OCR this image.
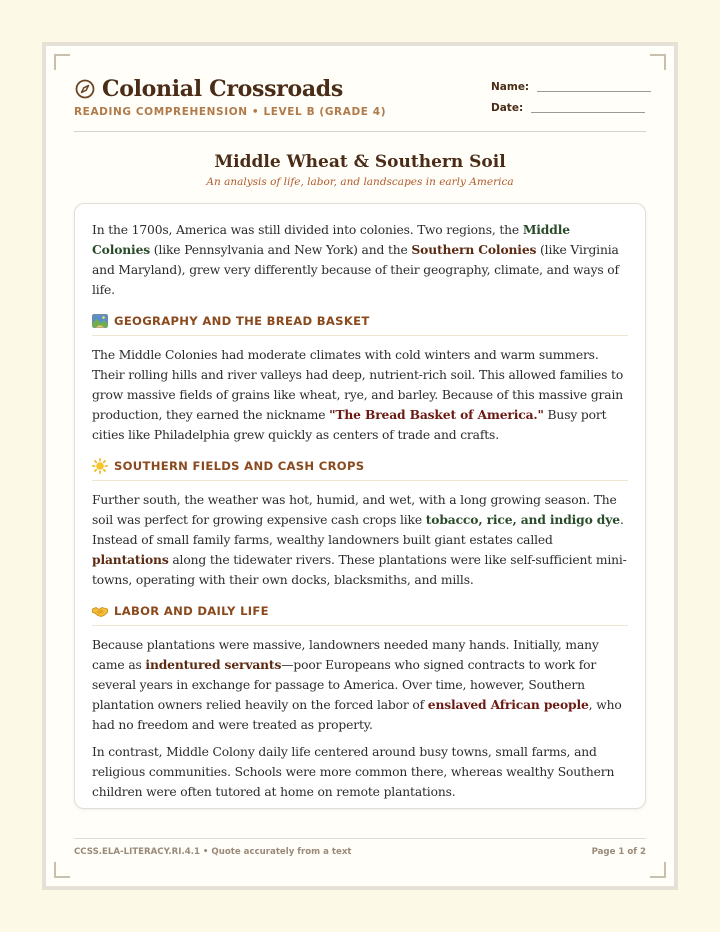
Colonial Crossroads
READING COMPREHENSION • LEVEL B (GRADE 4)
Name:
Date:
Middle Wheat & Southern Soil
An analysis of life, labor, and landscapes in early America

In the 1700s, America was still divided into colonies. Two regions, the Middle Colonies (like Pennsylvania and New York) and the Southern Colonies (like Virginia and Maryland), grew very differently because of their geography, climate, and ways of life.

GEOGRAPHY AND THE BREAD BASKET

The Middle Colonies had moderate climates with cold winters and warm summers. Their rolling hills and river valleys had deep, nutrient-rich soil. This allowed families to grow massive fields of grains like wheat, rye, and barley. Because of this massive grain production, they earned the nickname "The Bread Basket of America." Busy port cities like Philadelphia grew quickly as centers of trade and crafts.

SOUTHERN FIELDS AND CASH CROPS

Further south, the weather was hot, humid, and wet, with a long growing season. The soil was perfect for growing expensive cash crops like tobacco, rice, and indigo dye. Instead of small family farms, wealthy landowners built giant estates called plantations along the tidewater rivers. These plantations were like self-sufficient mini-towns, operating with their own docks, blacksmiths, and mills.

LABOR AND DAILY LIFE

Because plantations were massive, landowners needed many hands. Initially, many came as indentured servants—poor Europeans who signed contracts to work for several years in exchange for passage to America. Over time, however, Southern plantation owners relied heavily on the forced labor of enslaved African people, who had no freedom and were treated as property.

In contrast, Middle Colony daily life centered around busy towns, small farms, and religious communities. Schools were more common there, whereas wealthy Southern children were often tutored at home on remote plantations.

CCSS.ELA-LITERACY.RI.4.1 • Quote accurately from a text	Page 1 of 2
